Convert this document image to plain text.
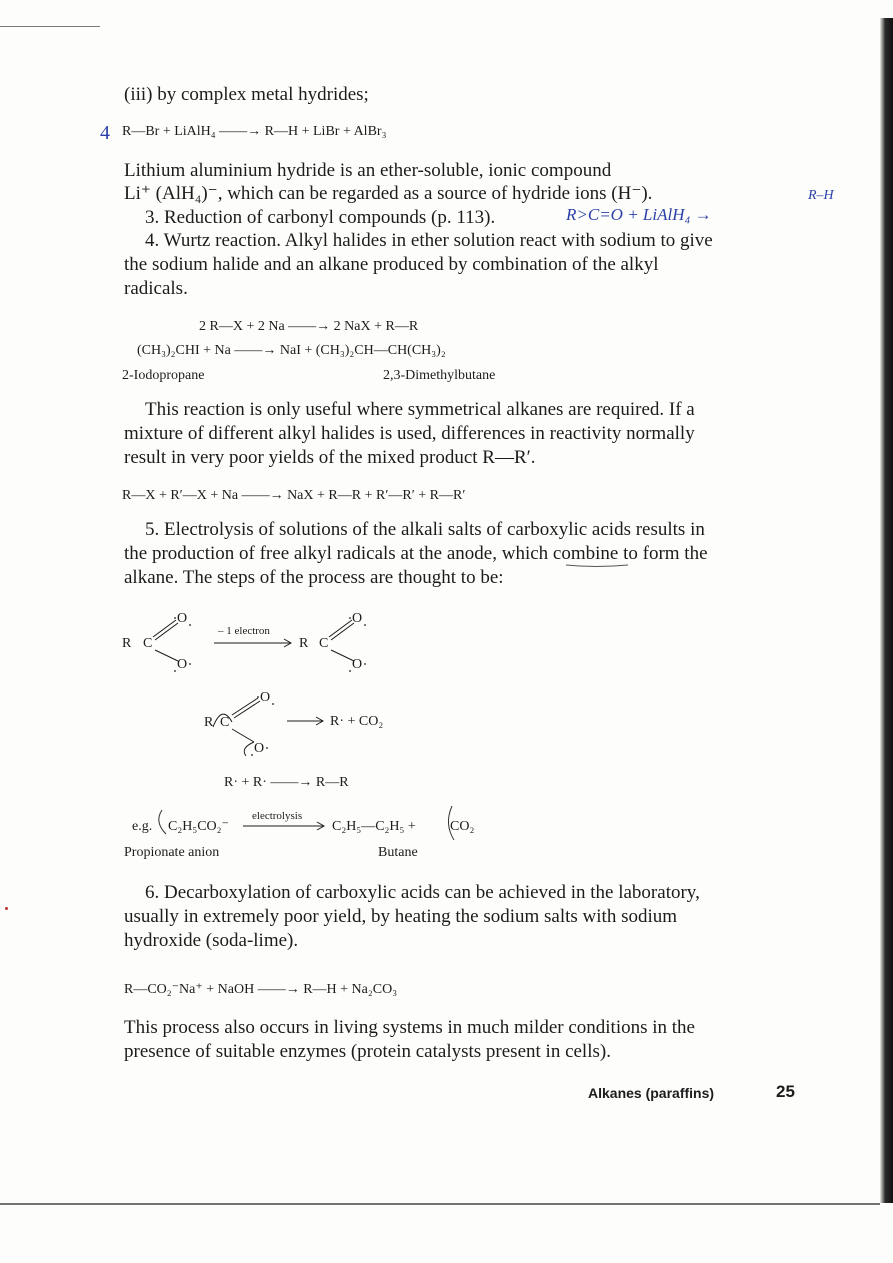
(iii) by complex metal hydrides;
4 R—Br + LiAlH₄ ——→ R—H + LiBr + AlBr₃
Lithium aluminium hydride is an ether-soluble, ionic compound
Li⁺ (AlH₄)⁻, which can be regarded as a source of hydride ions (H⁻).
3. Reduction of carbonyl compounds (p. 113).	R>C=O + LiAlH₄ →
R–H
4. Wurtz reaction. Alkyl halides in ether solution react with sodium to give
the sodium halide and an alkane produced by combination of the alkyl
radicals.
2 R—X + 2 Na ——→ 2 NaX + R—R
(CH₃)₂CHI + Na ——→ NaI + (CH₃)₂CH—CH(CH₃)₂
2-Iodopropane	2,3-Dimethylbutane
This reaction is only useful where symmetrical alkanes are required. If a
mixture of different alkyl halides is used, differences in reactivity normally
result in very poor yields of the mixed product R—R′.
R—X + R′—X + Na ——→ NaX + R—R + R′—R′ + R—R′
5. Electrolysis of solutions of the alkali salts of carboxylic acids results in
the production of free alkyl radicals at the anode, which combine to form the
alkane. The steps of the process are thought to be:
R C
O
O
– 1 electron
R C
O
O
R C
O
O
R· + CO₂
R· + R· ——→ R—R
e.g. C₂H₅CO₂⁻
electrolysis
C₂H₅—C₂H₅ + CO₂
Propionate anion	Butane
6. Decarboxylation of carboxylic acids can be achieved in the laboratory,
usually in extremely poor yield, by heating the sodium salts with sodium
hydroxide (soda-lime).
R—CO₂⁻Na⁺ + NaOH ——→ R—H + Na₂CO₃
This process also occurs in living systems in much milder conditions in the
presence of suitable enzymes (protein catalysts present in cells).
Alkanes (paraffins)	25
